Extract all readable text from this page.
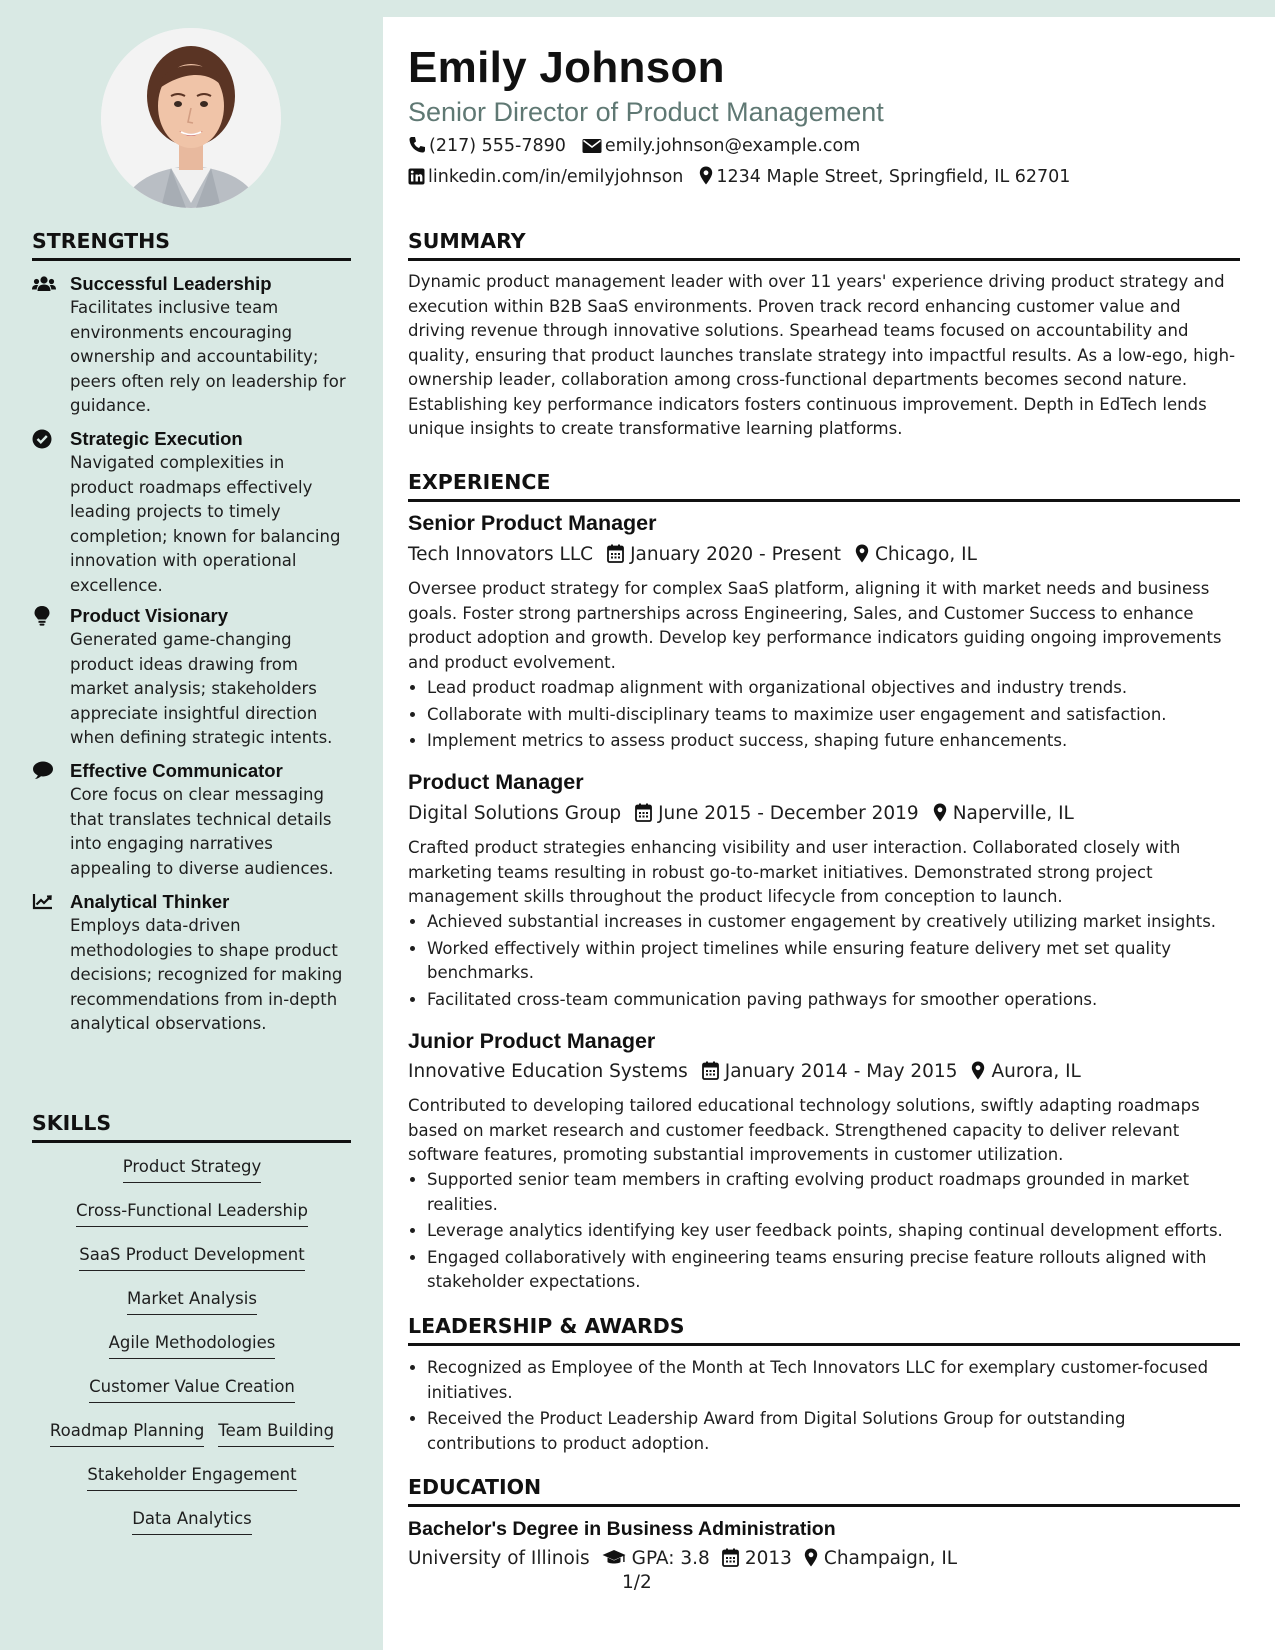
STRENGTHS
Successful Leadership
Facilitates inclusive team
environments encouraging
ownership and accountability;
peers often rely on leadership for
guidance.
Strategic Execution
Navigated complexities in
product roadmaps effectively
leading projects to timely
completion; known for balancing
innovation with operational
excellence.
Product Visionary
Generated game-changing
product ideas drawing from
market analysis; stakeholders
appreciate insightful direction
when defining strategic intents.
Effective Communicator
Core focus on clear messaging
that translates technical details
into engaging narratives
appealing to diverse audiences.
Analytical Thinker
Employs data-driven
methodologies to shape product
decisions; recognized for making
recommendations from in-depth
analytical observations.
SKILLS
Product Strategy
Cross-Functional Leadership
SaaS Product Development
Market Analysis
Agile Methodologies
Customer Value Creation
Roadmap Planning Team Building
Stakeholder Engagement
Data Analytics
Emily Johnson
Senior Director of Product Management
(217) 555-7890 emily.johnson@example.com
linkedin.com/in/emilyjohnson 1234 Maple Street, Springfield, IL 62701
SUMMARY
Dynamic product management leader with over 11 years' experience driving product strategy and
execution within B2B SaaS environments. Proven track record enhancing customer value and
driving revenue through innovative solutions. Spearhead teams focused on accountability and
quality, ensuring that product launches translate strategy into impactful results. As a low-ego, high-
ownership leader, collaboration among cross-functional departments becomes second nature.
Establishing key performance indicators fosters continuous improvement. Depth in EdTech lends
unique insights to create transformative learning platforms.
EXPERIENCE
Senior Product Manager
Tech Innovators LLC January 2020 - Present Chicago, IL
Oversee product strategy for complex SaaS platform, aligning it with market needs and business
goals. Foster strong partnerships across Engineering, Sales, and Customer Success to enhance
product adoption and growth. Develop key performance indicators guiding ongoing improvements
and product evolvement.
• Lead product roadmap alignment with organizational objectives and industry trends.
• Collaborate with multi-disciplinary teams to maximize user engagement and satisfaction.
• Implement metrics to assess product success, shaping future enhancements.
Product Manager
Digital Solutions Group June 2015 - December 2019 Naperville, IL
Crafted product strategies enhancing visibility and user interaction. Collaborated closely with
marketing teams resulting in robust go-to-market initiatives. Demonstrated strong project
management skills throughout the product lifecycle from conception to launch.
• Achieved substantial increases in customer engagement by creatively utilizing market insights.
• Worked effectively within project timelines while ensuring feature delivery met set quality
benchmarks.
• Facilitated cross-team communication paving pathways for smoother operations.
Junior Product Manager
Innovative Education Systems January 2014 - May 2015 Aurora, IL
Contributed to developing tailored educational technology solutions, swiftly adapting roadmaps
based on market research and customer feedback. Strengthened capacity to deliver relevant
software features, promoting substantial improvements in customer utilization.
• Supported senior team members in crafting evolving product roadmaps grounded in market
realities.
• Leverage analytics identifying key user feedback points, shaping continual development efforts.
• Engaged collaboratively with engineering teams ensuring precise feature rollouts aligned with
stakeholder expectations.
LEADERSHIP & AWARDS
• Recognized as Employee of the Month at Tech Innovators LLC for exemplary customer-focused
initiatives.
• Received the Product Leadership Award from Digital Solutions Group for outstanding
contributions to product adoption.
EDUCATION
Bachelor's Degree in Business Administration
University of Illinois GPA: 3.8 2013 Champaign, IL
1/2
